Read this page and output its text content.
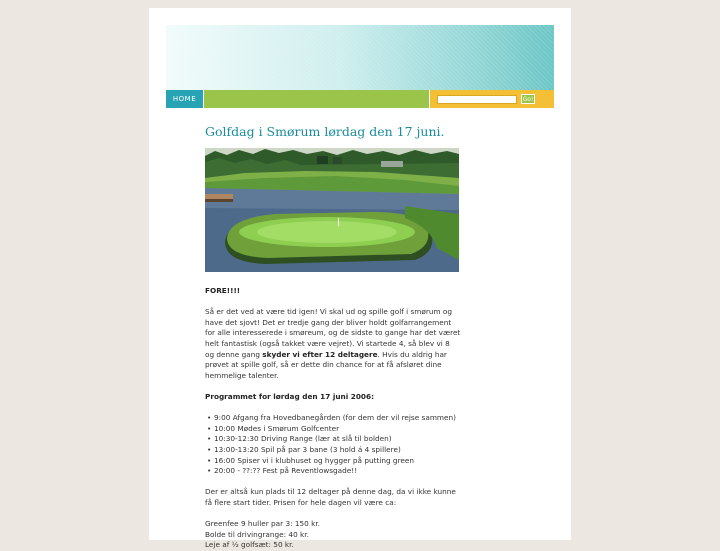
HOME	Go!
Golfdag i Smørum lørdag den 17 juni.

FORE!!!!

Så er det ved at være tid igen! Vi skal ud og spille golf i smørum og have det sjovt! Det er tredje gang der bliver holdt golfarrangement for alle interesserede i smøreum, og de sidste to gange har det været helt fantastisk (også takket være vejret). Vi startede 4, så blev vi 8 og denne gang skyder vi efter 12 deltagere. Hvis du aldrig har prøvet at spille golf, så er dette din chance for at få afsløret dine hemmelige talenter.

Programmet for lørdag den 17 juni 2006:

• 9:00 Afgang fra Hovedbanegården (for dem der vil rejse sammen)
• 10:00 Mødes i Smørum Golfcenter
• 10:30-12:30 Driving Range (lær at slå til bolden)
• 13:00-13:20 Spil på par 3 bane (3 hold á 4 spillere)
• 16:00 Spiser vi i klubhuset og hygger på putting green
• 20:00 - ??:?? Fest på Reventlowsgade!!

Der er altså kun plads til 12 deltager på denne dag, da vi ikke kunne få flere start tider. Prisen for hele dagen vil være ca:

Greenfee 9 huller par 3: 150 kr.

Bolde til drivingrange: 40 kr.

Leje af ½ golfsæt: 50 kr.
